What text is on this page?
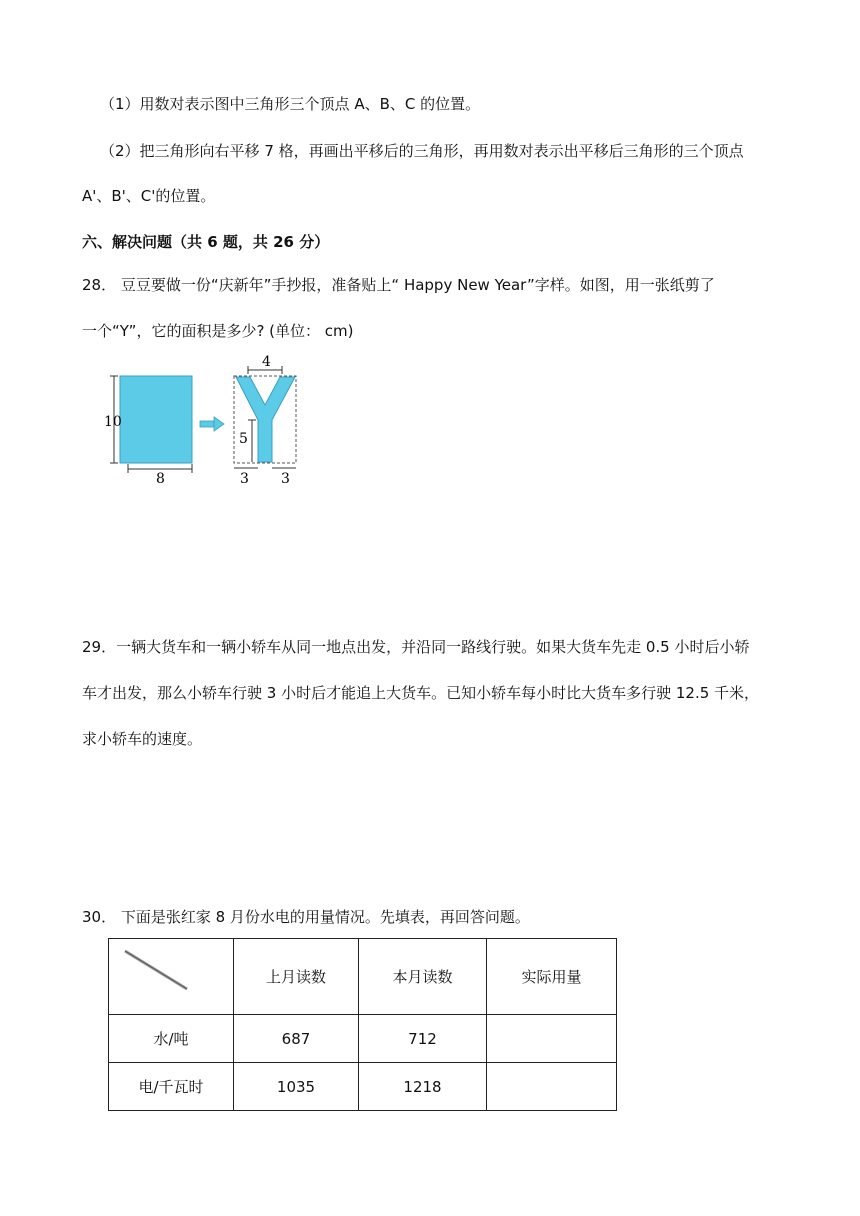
（1）用数对表示图中三角形三个顶点 A、B、C 的位置。
（2）把三角形向右平移 7 格，再画出平移后的三角形，再用数对表示出平移后三角形的三个顶点
A'、B'、C'的位置。
六、解决问题（共 6 题，共 26 分）
28． 豆豆要做一份“庆新年”手抄报，准备贴上“ Happy New Year”字样。如图，用一张纸剪了
一个“Y”，它的面积是多少? (单位： cm)
10
8
4
5
3 3
29．一辆大货车和一辆小轿车从同一地点出发，并沿同一路线行驶。如果大货车先走 0.5 小时后小轿
车才出发，那么小轿车行驶 3 小时后才能追上大货车。已知小轿车每小时比大货车多行驶 12.5 千米，
求小轿车的速度。
30． 下面是张红家 8 月份水电的用量情况。先填表，再回答问题。
	上月读数	本月读数	实际用量
水/吨	687	712	
电/千瓦时	1035	1218	
